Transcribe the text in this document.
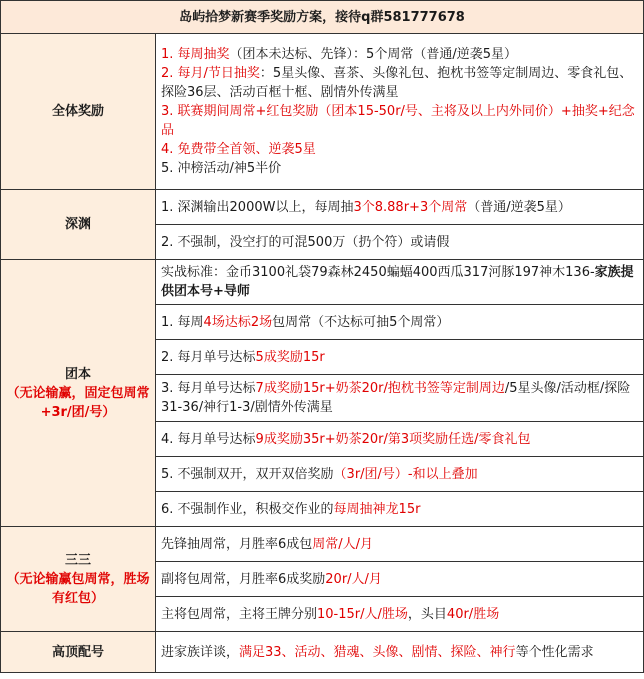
岛屿拾梦新赛季奖励方案，接待q群581777678	
全体奖励	1. 每周抽奖（团本未达标、先锋）：5个周常（普通/逆袭5星）
2. 每月/节日抽奖：5星头像、喜茶、头像礼包、抱枕书签等定制周边、零食礼包、探险36层、活动百框十框、剧情外传满星
3. 联赛期间周常+红包奖励（团本15-50r/号、主将及以上内外同价）+抽奖+纪念品
4. 免费带全首领、逆袭5星
5. 冲榜活动/神5半价

深渊	1. 深渊输出2000W以上，每周抽3个8.88r+3个周常（普通/逆袭5星）
	2. 不强制，没空打的可混500万（扔个符）或请假
团本
（无论输赢，固定包周常+3r/团/号）	实战标准：金币3100礼袋79森林2450蝙蝠400西瓜317河豚197神木136-家族提供团本号+导师
	1. 每周4场达标2场包周常（不达标可抽5个周常）
	2. 每月单号达标5成奖励15r
	3. 每月单号达标7成奖励15r+奶茶20r/抱枕书签等定制周边/5星头像/活动框/探险31-36/神行1-3/剧情外传满星
	4. 每月单号达标9成奖励35r+奶茶20r/第3项奖励任选/零食礼包
	5. 不强制双开，双开双倍奖励（3r/团/号）-和以上叠加
	6. 不强制作业，积极交作业的每周抽神龙15r
三三
（无论输赢包周常，胜场有红包）	先锋抽周常，月胜率6成包周常/人/月
	副将包周常，月胜率6成奖励20r/人/月
	主将包周常，主将王牌分别10-15r/人/胜场，头目40r/胜场
高顶配号	进家族详谈，满足33、活动、猎魂、头像、剧情、探险、神行等个性化需求
